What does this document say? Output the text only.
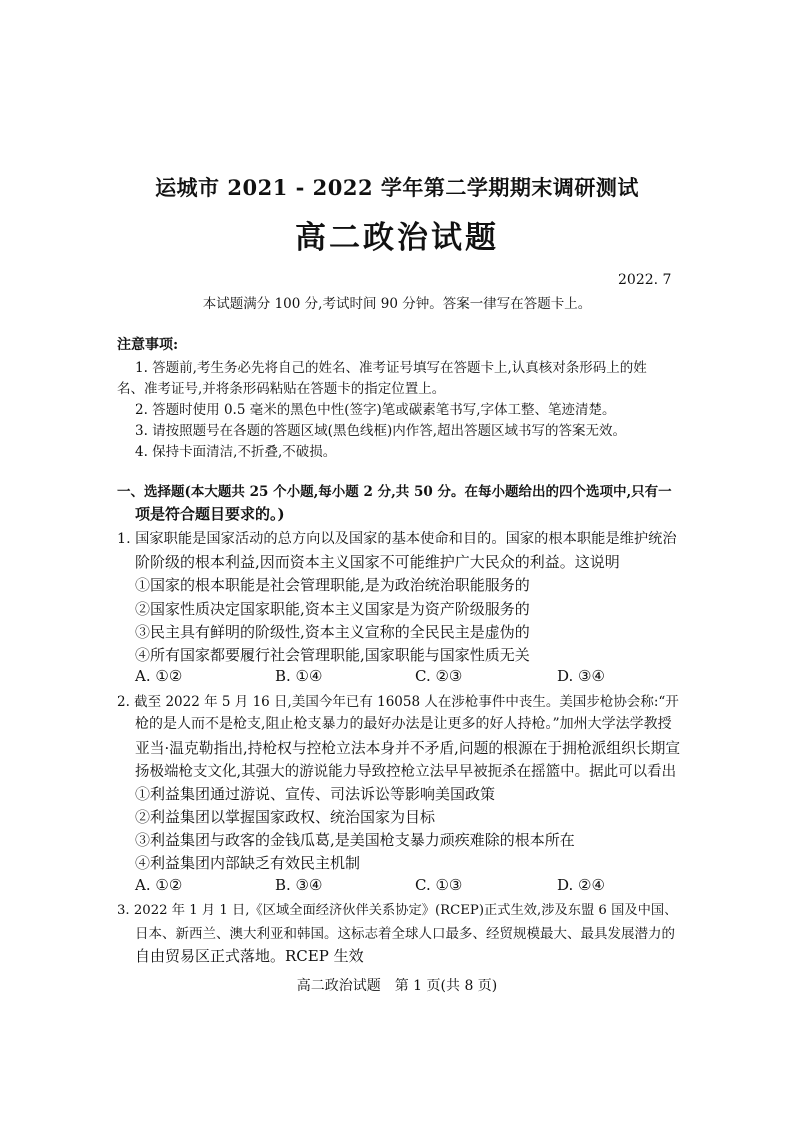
运城市 2021 - 2022 学年第二学期期末调研测试
高二政治试题
2022. 7
本试题满分 100 分,考试时间 90 分钟。答案一律写在答题卡上。
注意事项:
1. 答题前,考生务必先将自己的姓名、准考证号填写在答题卡上,认真核对条形码上的姓
名、准考证号,并将条形码粘贴在答题卡的指定位置上。
2. 答题时使用 0.5 毫米的黑色中性(签字)笔或碳素笔书写,字体工整、笔迹清楚。
3. 请按照题号在各题的答题区域(黑色线框)内作答,超出答题区域书写的答案无效。
4. 保持卡面清洁,不折叠,不破损。
一、选择题(本大题共 25 个小题,每小题 2 分,共 50 分。在每小题给出的四个选项中,只有一
项是符合题目要求的。)
1. 国家职能是国家活动的总方向以及国家的基本使命和目的。国家的根本职能是维护统治
阶阶级的根本利益,因而资本主义国家不可能维护广大民众的利益。这说明
①国家的根本职能是社会管理职能,是为政治统治职能服务的
②国家性质决定国家职能,资本主义国家是为资产阶级服务的
③民主具有鲜明的阶级性,资本主义宣称的全民民主是虚伪的
④所有国家都要履行社会管理职能,国家职能与国家性质无关
A. ①②	B. ①④	C. ②③	D. ③④
2. 截至 2022 年 5 月 16 日,美国今年已有 16058 人在涉枪事件中丧生。美国步枪协会称:“开
枪的是人而不是枪支,阻止枪支暴力的最好办法是让更多的好人持枪。”加州大学法学教授
亚当·温克勒指出,持枪权与控枪立法本身并不矛盾,问题的根源在于拥枪派组织长期宣
扬极端枪支文化,其强大的游说能力导致控枪立法早早被扼杀在摇篮中。据此可以看出
①利益集团通过游说、宣传、司法诉讼等影响美国政策
②利益集团以掌握国家政权、统治国家为目标
③利益集团与政客的金钱瓜葛,是美国枪支暴力顽疾难除的根本所在
④利益集团内部缺乏有效民主机制
A. ①②	B. ③④	C. ①③	D. ②④
3. 2022 年 1 月 1 日,《区域全面经济伙伴关系协定》(RCEP)正式生效,涉及东盟 6 国及中国、
日本、新西兰、澳大利亚和韩国。这标志着全球人口最多、经贸规模最大、最具发展潜力的
自由贸易区正式落地。RCEP 生效
高二政治试题　第 1 页(共 8 页)
